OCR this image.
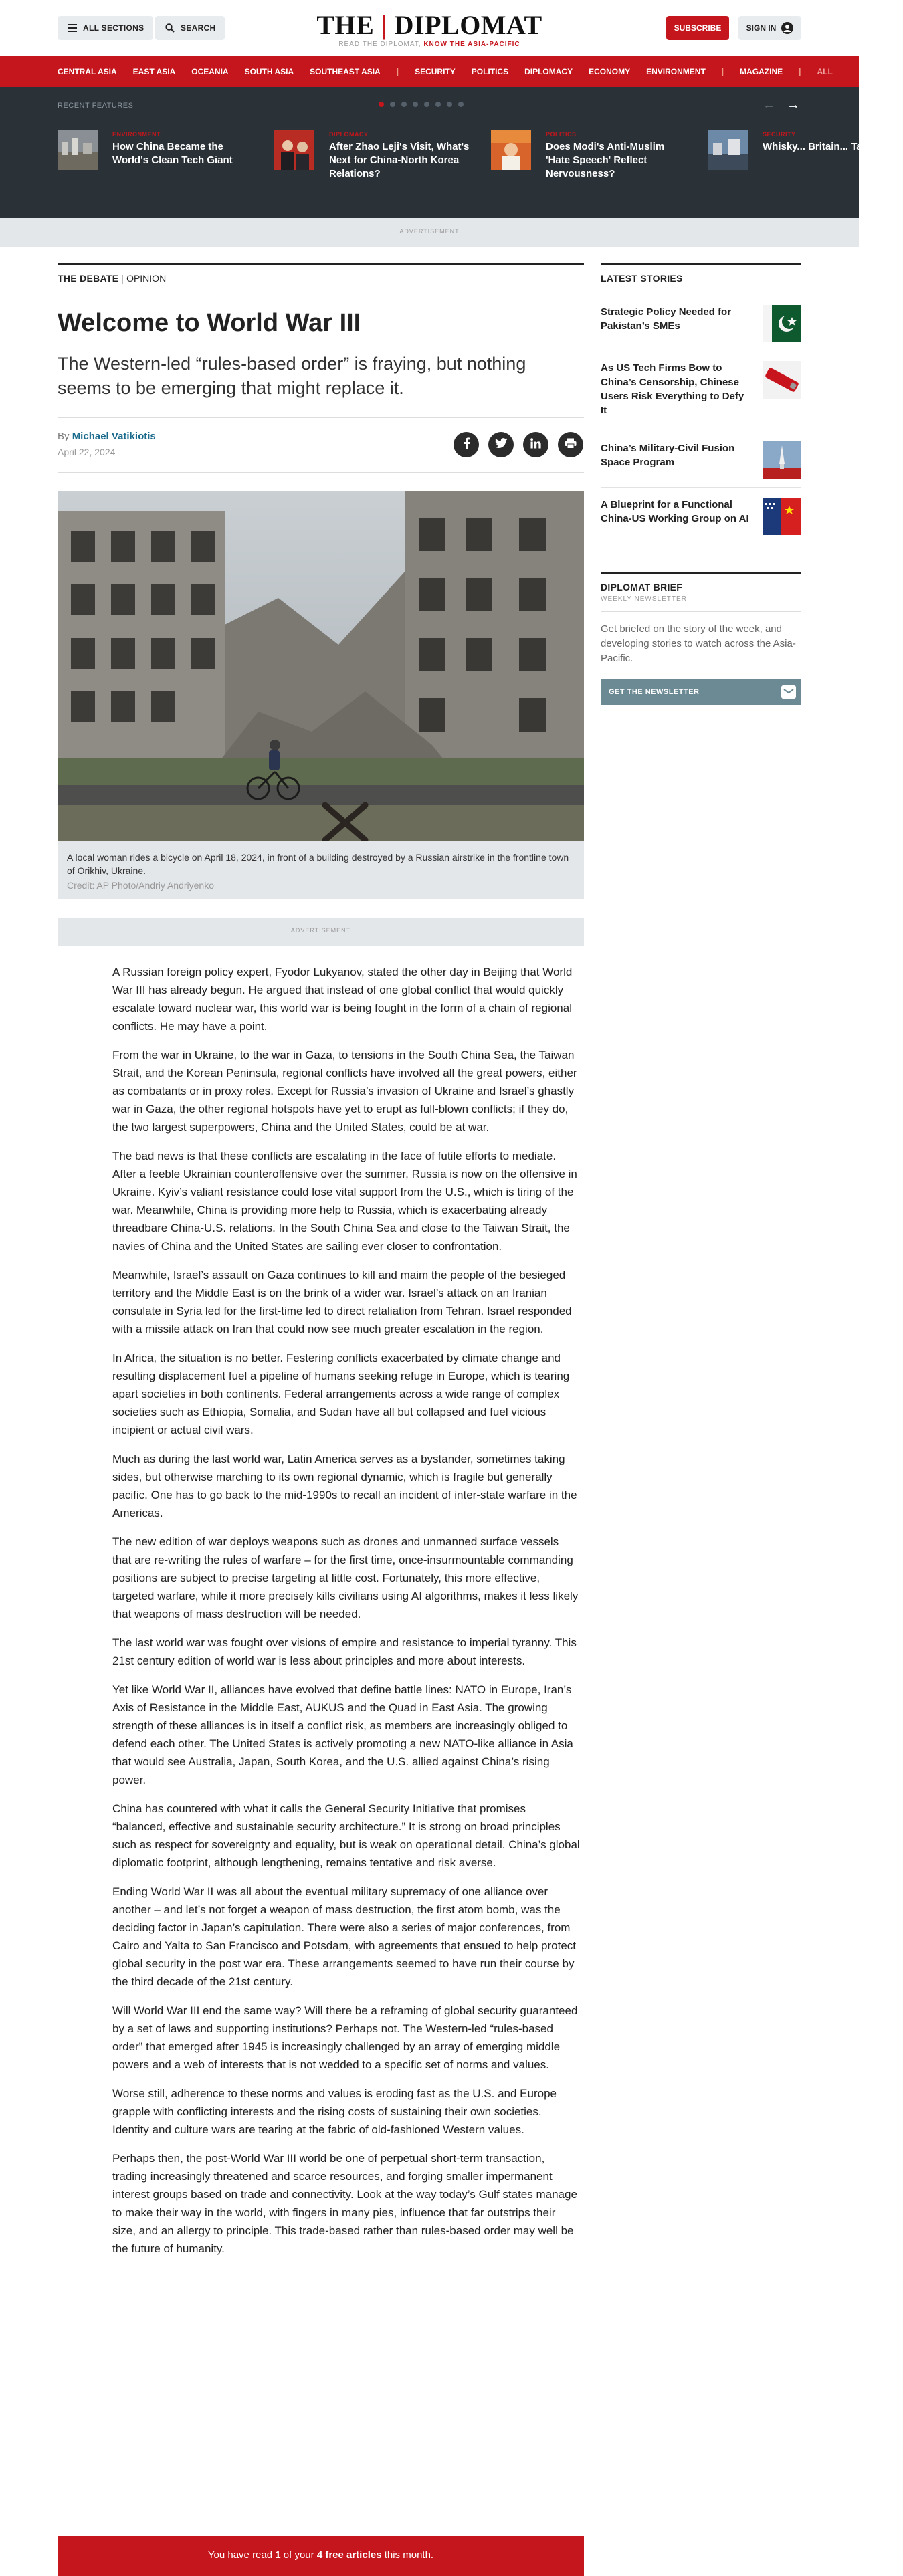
ALL SECTIONS	SEARCH	THE | DIPLOMAT
READ THE DIPLOMAT, KNOW THE ASIA-PACIFIC
SUBSCRIBE	SIGN IN
CENTRAL ASIA EAST ASIA OCEANIA SOUTH ASIA SOUTHEAST ASIA | SECURITY POLITICS DIPLOMACY ECONOMY ENVIRONMENT | MAGAZINE | ALL
RECENT FEATURES	← →
ENVIRONMENT
How China Became the World's Clean Tech Giant
DIPLOMACY
After Zhao Leji's Visit, What's Next for China-North Korea Relations?
POLITICS
Does Modi's Anti-Muslim 'Hate Speech' Reflect Nervousness?
SECURITY
Whisky... Britain... Taiwan...
ADVERTISEMENT
THE DEBATE | OPINION
Welcome to World War III
The Western-led “rules-based order” is fraying, but nothing seems to be emerging that might replace it.
By Michael Vatikiotis
April 22, 2024
A local woman rides a bicycle on April 18, 2024, in front of a building destroyed by a Russian airstrike in the frontline town of Orikhiv, Ukraine.
Credit: AP Photo/Andriy Andriyenko
ADVERTISEMENT

A Russian foreign policy expert, Fyodor Lukyanov, stated the other day in Beijing that World War III has already begun. He argued that instead of one global conflict that would quickly escalate toward nuclear war, this world war is being fought in the form of a chain of regional conflicts. He may have a point.

From the war in Ukraine, to the war in Gaza, to tensions in the South China Sea, the Taiwan Strait, and the Korean Peninsula, regional conflicts have involved all the great powers, either as combatants or in proxy roles. Except for Russia’s invasion of Ukraine and Israel’s ghastly war in Gaza, the other regional hotspots have yet to erupt as full-blown conflicts; if they do, the two largest superpowers, China and the United States, could be at war.

The bad news is that these conflicts are escalating in the face of futile efforts to mediate. After a feeble Ukrainian counteroffensive over the summer, Russia is now on the offensive in Ukraine. Kyiv’s valiant resistance could lose vital support from the U.S., which is tiring of the war. Meanwhile, China is providing more help to Russia, which is exacerbating already threadbare China-U.S. relations. In the South China Sea and close to the Taiwan Strait, the navies of China and the United States are sailing ever closer to confrontation.

Meanwhile, Israel’s assault on Gaza continues to kill and maim the people of the besieged territory and the Middle East is on the brink of a wider war. Israel’s attack on an Iranian consulate in Syria led for the first-time led to direct retaliation from Tehran. Israel responded with a missile attack on Iran that could now see much greater escalation in the region.

In Africa, the situation is no better. Festering conflicts exacerbated by climate change and resulting displacement fuel a pipeline of humans seeking refuge in Europe, which is tearing apart societies in both continents. Federal arrangements across a wide range of complex societies such as Ethiopia, Somalia, and Sudan have all but collapsed and fuel vicious incipient or actual civil wars.

Much as during the last world war, Latin America serves as a bystander, sometimes taking sides, but otherwise marching to its own regional dynamic, which is fragile but generally pacific. One has to go back to the mid-1990s to recall an incident of inter-state warfare in the Americas.

The new edition of war deploys weapons such as drones and unmanned surface vessels that are re-writing the rules of warfare – for the first time, once-insurmountable commanding positions are subject to precise targeting at little cost. Fortunately, this more effective, targeted warfare, while it more precisely kills civilians using AI algorithms, makes it less likely that weapons of mass destruction will be needed.

The last world war was fought over visions of empire and resistance to imperial tyranny. This 21st century edition of world war is less about principles and more about interests.

Yet like World War II, alliances have evolved that define battle lines: NATO in Europe, Iran’s Axis of Resistance in the Middle East, AUKUS and the Quad in East Asia. The growing strength of these alliances is in itself a conflict risk, as members are increasingly obliged to defend each other. The United States is actively promoting a new NATO-like alliance in Asia that would see Australia, Japan, South Korea, and the U.S. allied against China’s rising power.

China has countered with what it calls the General Security Initiative that promises “balanced, effective and sustainable security architecture.” It is strong on broad principles such as respect for sovereignty and equality, but is weak on operational detail. China’s global diplomatic footprint, although lengthening, remains tentative and risk averse.

Ending World War II was all about the eventual military supremacy of one alliance over another – and let’s not forget a weapon of mass destruction, the first atom bomb, was the deciding factor in Japan’s capitulation. There were also a series of major conferences, from Cairo and Yalta to San Francisco and Potsdam, with agreements that ensued to help protect global security in the post war era. These arrangements seemed to have run their course by the third decade of the 21st century.

Will World War III end the same way? Will there be a reframing of global security guaranteed by a set of laws and supporting institutions? Perhaps not. The Western-led “rules-based order” that emerged after 1945 is increasingly challenged by an array of emerging middle powers and a web of interests that is not wedded to a specific set of norms and values.

Worse still, adherence to these norms and values is eroding fast as the U.S. and Europe grapple with conflicting interests and the rising costs of sustaining their own societies. Identity and culture wars are tearing at the fabric of old-fashioned Western values.

Perhaps then, the post-World War III world be one of perpetual short-term transaction, trading increasingly threatened and scarce resources, and forging smaller impermanent interest groups based on trade and connectivity. Look at the way today’s Gulf states manage to make their way in the world, with fingers in many pies, influence that far outstrips their size, and an allergy to principle. This trade-based rather than rules-based order may well be the future of humanity.

You have read 1 of your 4 free articles this month.
LATEST STORIES
Strategic Policy Needed for Pakistan’s SMEs
As US Tech Firms Bow to China’s Censorship, Chinese Users Risk Everything to Defy It
China’s Military-Civil Fusion Space Program
A Blueprint for a Functional China-US Working Group on AI
DIPLOMAT BRIEF
WEEKLY NEWSLETTER
Get briefed on the story of the week, and developing stories to watch across the Asia-Pacific.
GET THE NEWSLETTER
